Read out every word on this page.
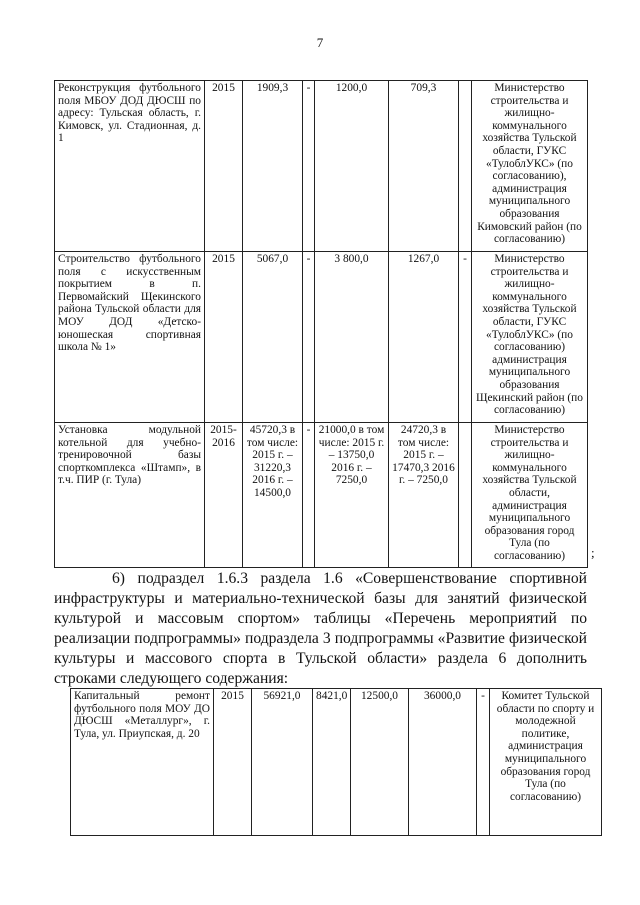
7
Реконструкция футбольного поля МБОУ ДОД ДЮСШ по адресу: Тульская область, г. Кимовск, ул. Стадионная, д. 1	2015	1909,3	-	1200,0	709,3		Министерство строительства и жилищно-коммунального хозяйства Тульской области, ГУКС «ТулоблУКС» (по согласованию), администрация муниципального образования Кимовский район (по согласованию)
Строительство футбольного поля с искусственным покрытием в п. Первомайский Щекинского района Тульской области для МОУ ДОД «Детско-юношеская спортивная школа № 1»	2015	5067,0	-	3 800,0	1267,0	-	Министерство строительства и жилищно-коммунального хозяйства Тульской области, ГУКС «ТулоблУКС» (по согласованию) администрация муниципального образования Щекинский район (по согласованию)
Установка модульной котельной для учебно-тренировочной базы спорткомплекса «Штамп», в т.ч. ПИР (г. Тула)	2015-2016	45720,3 в том числе: 2015 г. – 31220,3 2016 г. – 14500,0	-	21000,0 в том числе: 2015 г. – 13750,0 2016 г. – 7250,0	24720,3 в том числе: 2015 г. – 17470,3 2016 г. – 7250,0		Министерство строительства и жилищно-коммунального хозяйства Тульской области, администрация муниципального образования город Тула (по согласованию) ;
6) подраздел 1.6.3 раздела 1.6 «Совершенствование спортивной инфраструктуры и материально-технической базы для занятий физической культурой и массовым спортом» таблицы «Перечень мероприятий по реализации подпрограммы» подраздела 3 подпрограммы «Развитие физической культуры и массового спорта в Тульской области» раздела 6 дополнить строками следующего содержания:
Капитальный ремонт футбольного поля МОУ ДО ДЮСШ «Металлург», г. Тула, ул. Приупская, д. 20	2015	56921,0	8421,0	12500,0	36000,0	-	Комитет Тульской области по спорту и молодежной политике, администрация муниципального образования город Тула (по согласованию)
